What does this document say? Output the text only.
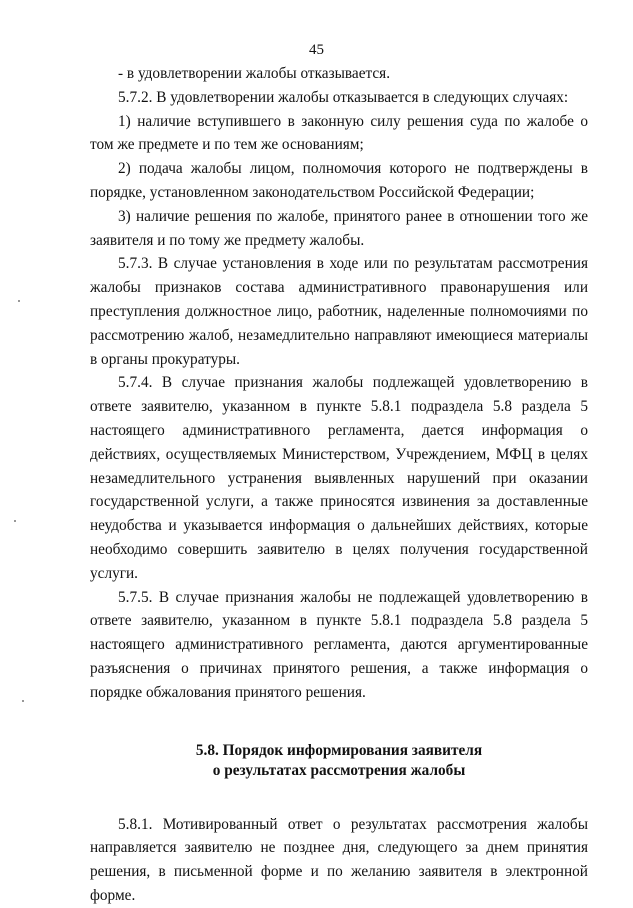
45

- в удовлетворении жалобы отказывается.

5.7.2. В удовлетворении жалобы отказывается в следующих случаях:

1) наличие вступившего в законную силу решения суда по жалобе о том же предмете и по тем же основаниям;

2) подача жалобы лицом, полномочия которого не подтверждены в порядке, установленном законодательством Российской Федерации;

3) наличие решения по жалобе, принятого ранее в отношении того же заявителя и по тому же предмету жалобы.

5.7.3. В случае установления в ходе или по результатам рассмотрения жалобы признаков состава административного правонарушения или преступления должностное лицо, работник, наделенные полномочиями по рассмотрению жалоб, незамедлительно направляют имеющиеся материалы в органы прокуратуры.

5.7.4. В случае признания жалобы подлежащей удовлетворению в ответе заявителю, указанном в пункте 5.8.1 подраздела 5.8 раздела 5 настоящего административного регламента, дается информация о действиях, осуществляемых Министерством, Учреждением, МФЦ в целях незамедлительного устранения выявленных нарушений при оказании государственной услуги, а также приносятся извинения за доставленные неудобства и указывается информация о дальнейших действиях, которые необходимо совершить заявителю в целях получения государственной услуги.

5.7.5. В случае признания жалобы не подлежащей удовлетворению в ответе заявителю, указанном в пункте 5.8.1 подраздела 5.8 раздела 5 настоящего административного регламента, даются аргументированные разъяснения о причинах принятого решения, а также информация о порядке обжалования принятого решения.

5.8. Порядок информирования заявителя
о результатах рассмотрения жалобы

5.8.1. Мотивированный ответ о результатах рассмотрения жалобы направляется заявителю не позднее дня, следующего за днем принятия решения, в письменной форме и по желанию заявителя в электронной форме.
